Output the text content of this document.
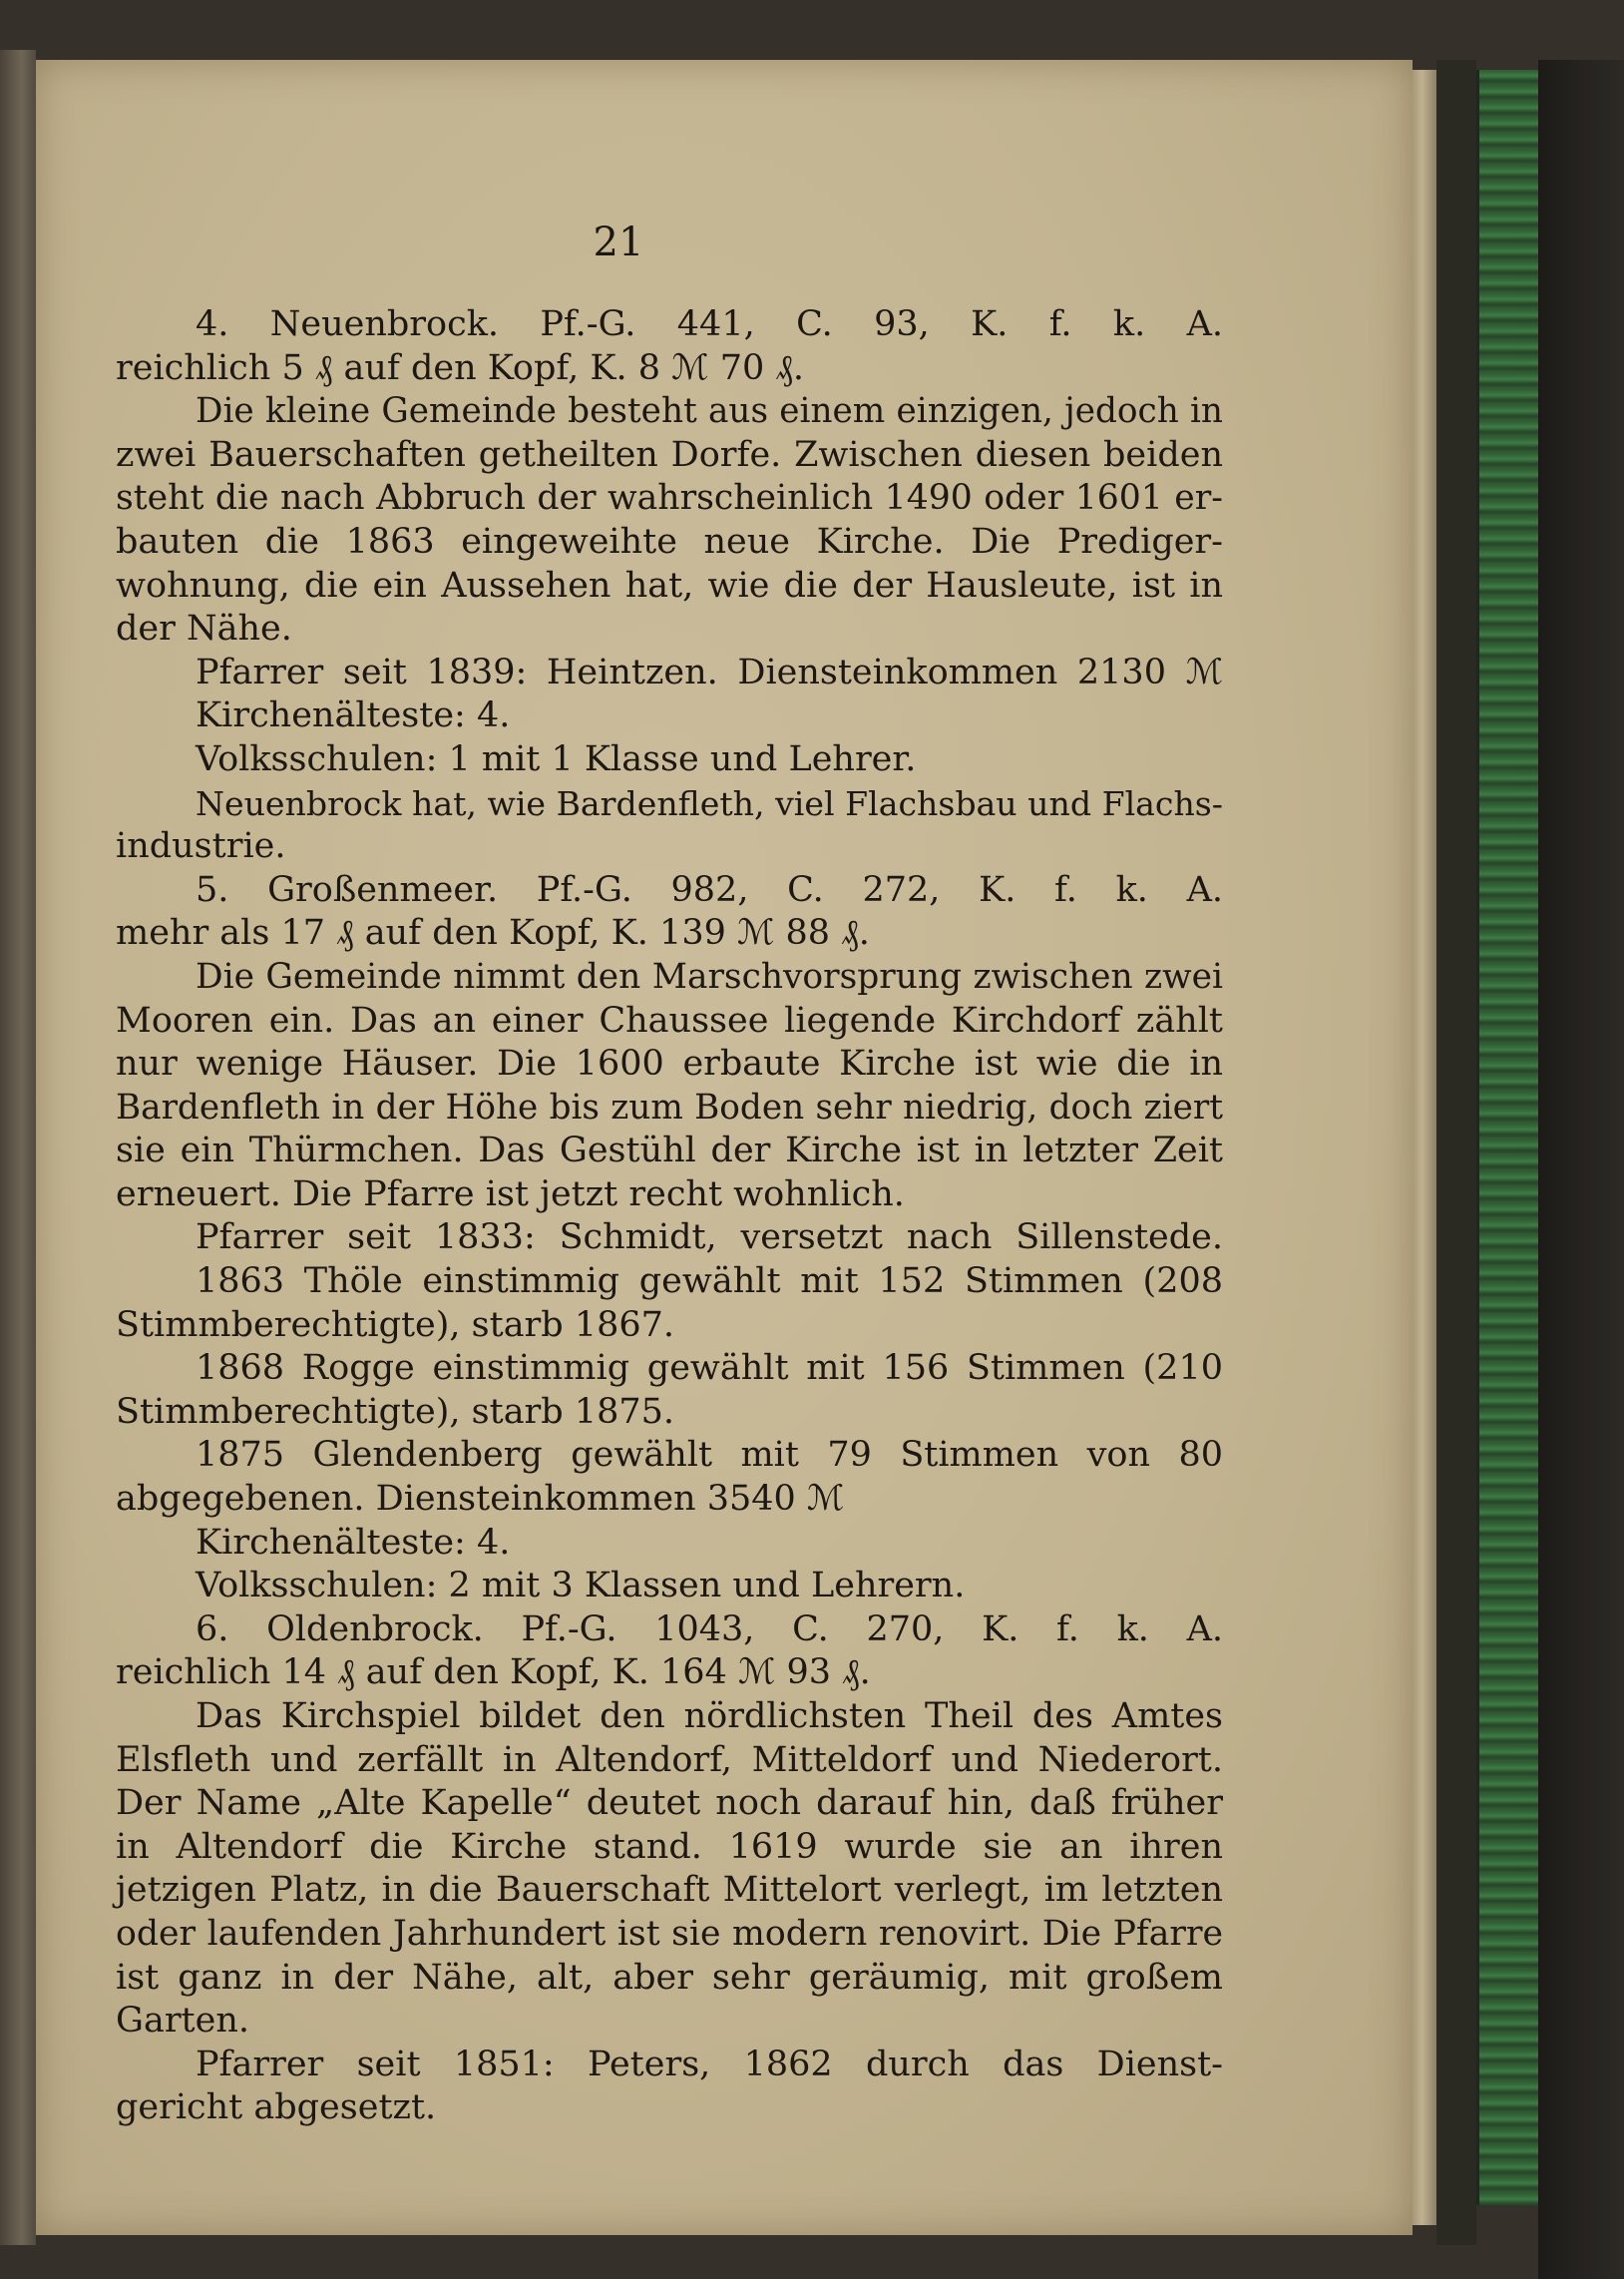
21
4. Neuenbrock. Pf.-G. 441, C. 93, K. f. k. A.
reichlich 5 ₰ auf den Kopf, K. 8 ℳ 70 ₰.
Die kleine Gemeinde besteht aus einem einzigen, jedoch in
zwei Bauerschaften getheilten Dorfe. Zwischen diesen beiden
steht die nach Abbruch der wahrscheinlich 1490 oder 1601 er-
bauten die 1863 eingeweihte neue Kirche. Die Prediger-
wohnung, die ein Aussehen hat, wie die der Hausleute, ist in
der Nähe.
Pfarrer seit 1839: Heintzen. Diensteinkommen 2130 ℳ
Kirchenälteste: 4.
Volksschulen: 1 mit 1 Klasse und Lehrer.
Neuenbrock hat, wie Bardenfleth, viel Flachsbau und Flachs-
industrie.
5. Großenmeer. Pf.-G. 982, C. 272, K. f. k. A.
mehr als 17 ₰ auf den Kopf, K. 139 ℳ 88 ₰.
Die Gemeinde nimmt den Marschvorsprung zwischen zwei
Mooren ein. Das an einer Chaussee liegende Kirchdorf zählt
nur wenige Häuser. Die 1600 erbaute Kirche ist wie die in
Bardenfleth in der Höhe bis zum Boden sehr niedrig, doch ziert
sie ein Thürmchen. Das Gestühl der Kirche ist in letzter Zeit
erneuert. Die Pfarre ist jetzt recht wohnlich.
Pfarrer seit 1833: Schmidt, versetzt nach Sillenstede.
1863 Thöle einstimmig gewählt mit 152 Stimmen (208
Stimmberechtigte), starb 1867.
1868 Rogge einstimmig gewählt mit 156 Stimmen (210
Stimmberechtigte), starb 1875.
1875 Glendenberg gewählt mit 79 Stimmen von 80
abgegebenen. Diensteinkommen 3540 ℳ
Kirchenälteste: 4.
Volksschulen: 2 mit 3 Klassen und Lehrern.
6. Oldenbrock. Pf.-G. 1043, C. 270, K. f. k. A.
reichlich 14 ₰ auf den Kopf, K. 164 ℳ 93 ₰.
Das Kirchspiel bildet den nördlichsten Theil des Amtes
Elsfleth und zerfällt in Altendorf, Mitteldorf und Niederort.
Der Name „Alte Kapelle“ deutet noch darauf hin, daß früher
in Altendorf die Kirche stand. 1619 wurde sie an ihren
jetzigen Platz, in die Bauerschaft Mittelort verlegt, im letzten
oder laufenden Jahrhundert ist sie modern renovirt. Die Pfarre
ist ganz in der Nähe, alt, aber sehr geräumig, mit großem
Garten.
Pfarrer seit 1851: Peters, 1862 durch das Dienst-
gericht abgesetzt.
